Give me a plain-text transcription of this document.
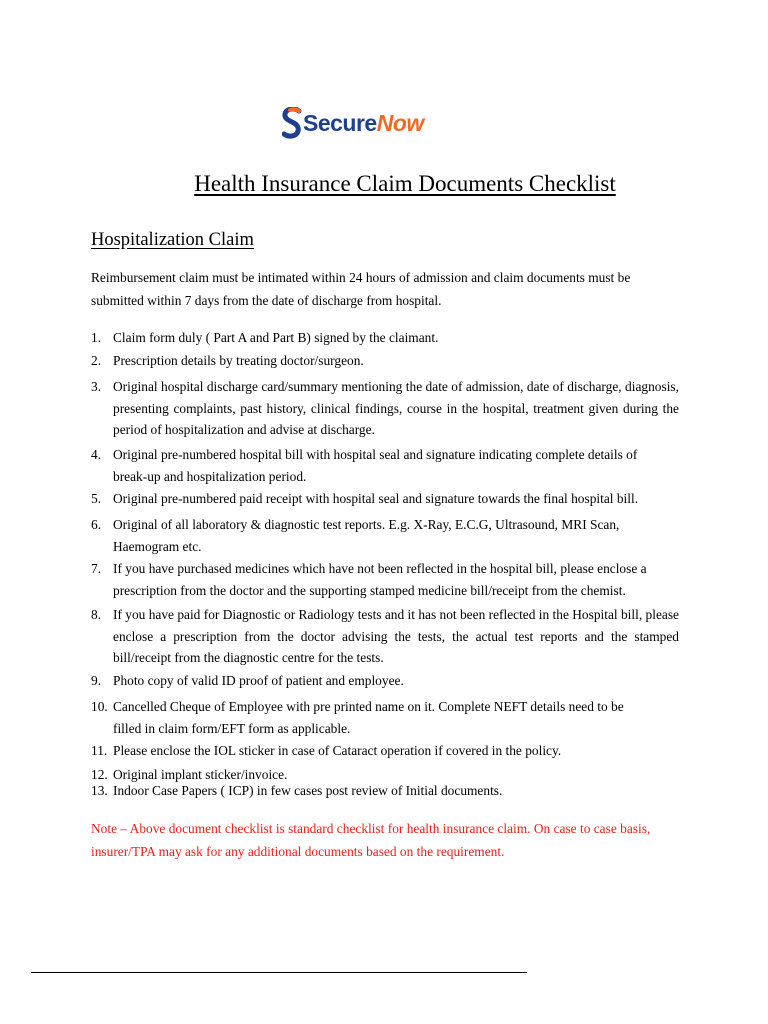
SecureNow
Health Insurance Claim Documents Checklist
Hospitalization Claim
Reimbursement claim must be intimated within 24 hours of admission and claim documents must be submitted within 7 days from the date of discharge from hospital.
1. Claim form duly ( Part A and Part B) signed by the claimant.
2. Prescription details by treating doctor/surgeon.
3. Original hospital discharge card/summary mentioning the date of admission, date of discharge, diagnosis, presenting complaints, past history, clinical findings, course in the hospital, treatment given during the period of hospitalization and advise at discharge.
4. Original pre-numbered hospital bill with hospital seal and signature indicating complete details of break-up and hospitalization period.
5. Original pre-numbered paid receipt with hospital seal and signature towards the final hospital bill.
6. Original of all laboratory & diagnostic test reports. E.g. X-Ray, E.C.G, Ultrasound, MRI Scan, Haemogram etc.
7. If you have purchased medicines which have not been reflected in the hospital bill, please enclose a prescription from the doctor and the supporting stamped medicine bill/receipt from the chemist.
8. If you have paid for Diagnostic or Radiology tests and it has not been reflected in the Hospital bill, please enclose a prescription from the doctor advising the tests, the actual test reports and the stamped bill/receipt from the diagnostic centre for the tests.
9. Photo copy of valid ID proof of patient and employee.
10. Cancelled Cheque of Employee with pre printed name on it. Complete NEFT details need to be filled in claim form/EFT form as applicable.
11. Please enclose the IOL sticker in case of Cataract operation if covered in the policy.
12. Original implant sticker/invoice.
13. Indoor Case Papers ( ICP) in few cases post review of Initial documents.
Note – Above document checklist is standard checklist for health insurance claim. On case to case basis, insurer/TPA may ask for any additional documents based on the requirement.
